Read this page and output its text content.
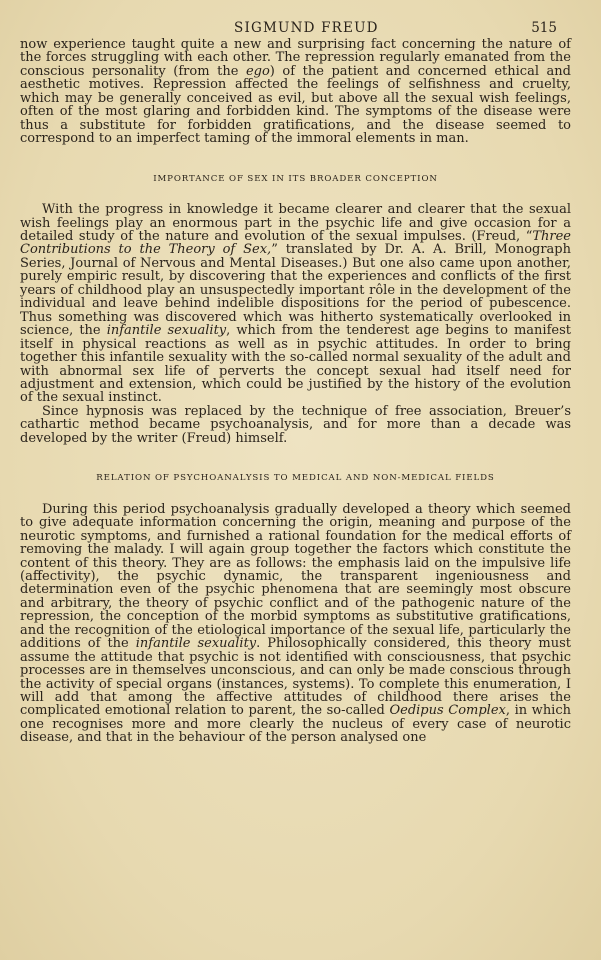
SIGMUND FREUD	515

now experience taught quite a new and surprising fact concerning the nature of the forces struggling with each other. The repression regularly emanated from the conscious personality (from the ego) of the patient and concerned ethical and aesthetic motives. Repression affected the feelings of selfishness and cruelty, which may be generally conceived as evil, but above all the sexual wish feelings, often of the most glaring and forbidden kind. The symptoms of the disease were thus a substitute for forbidden gratifications, and the disease seemed to correspond to an imperfect taming of the immoral elements in man.

IMPORTANCE OF SEX IN ITS BROADER CONCEPTION

With the progress in knowledge it became clearer and clearer that the sexual wish feelings play an enormous part in the psychic life and give occasion for a detailed study of the nature and evolution of the sexual impulses. (Freud, “Three Contributions to the Theory of Sex,” translated by Dr. A. A. Brill, Monograph Series, Journal of Nervous and Mental Diseases.) But one also came upon another, purely empiric result, by discovering that the experiences and conflicts of the first years of childhood play an unsuspectedly important rôle in the development of the individual and leave behind indelible dispositions for the period of pubescence. Thus something was discovered which was hitherto systematically overlooked in science, the infantile sexuality, which from the tenderest age begins to manifest itself in physical reactions as well as in psychic attitudes. In order to bring together this infantile sexuality with the so-called normal sexuality of the adult and with abnormal sex life of perverts the concept sexual had itself need for adjustment and extension, which could be justified by the history of the evolution of the sexual instinct.

Since hypnosis was replaced by the technique of free association, Breuer’s cathartic method became psychoanalysis, and for more than a decade was developed by the writer (Freud) himself.

RELATION OF PSYCHOANALYSIS TO MEDICAL AND NON-MEDICAL FIELDS

During this period psychoanalysis gradually developed a theory which seemed to give adequate information concerning the origin, meaning and purpose of the neurotic symptoms, and furnished a rational foundation for the medical efforts of removing the malady. I will again group together the factors which constitute the content of this theory. They are as follows: the emphasis laid on the impulsive life (affectivity), the psychic dynamic, the transparent ingeniousness and determination even of the psychic phenomena that are seemingly most obscure and arbitrary, the theory of psychic conflict and of the pathogenic nature of the repression, the conception of the morbid symptoms as substitutive gratifications, and the recognition of the etiological importance of the sexual life, particularly the additions of the infantile sexuality. Philosophically considered, this theory must assume the attitude that psychic is not identified with consciousness, that psychic processes are in themselves unconscious, and can only be made conscious through the activity of special organs (instances, systems). To complete this enumeration, I will add that among the affective attitudes of childhood there arises the complicated emotional relation to parent, the so-called Oedipus Complex, in which one recognises more and more clearly the nucleus of every case of neurotic disease, and that in the behaviour of the person analysed one
